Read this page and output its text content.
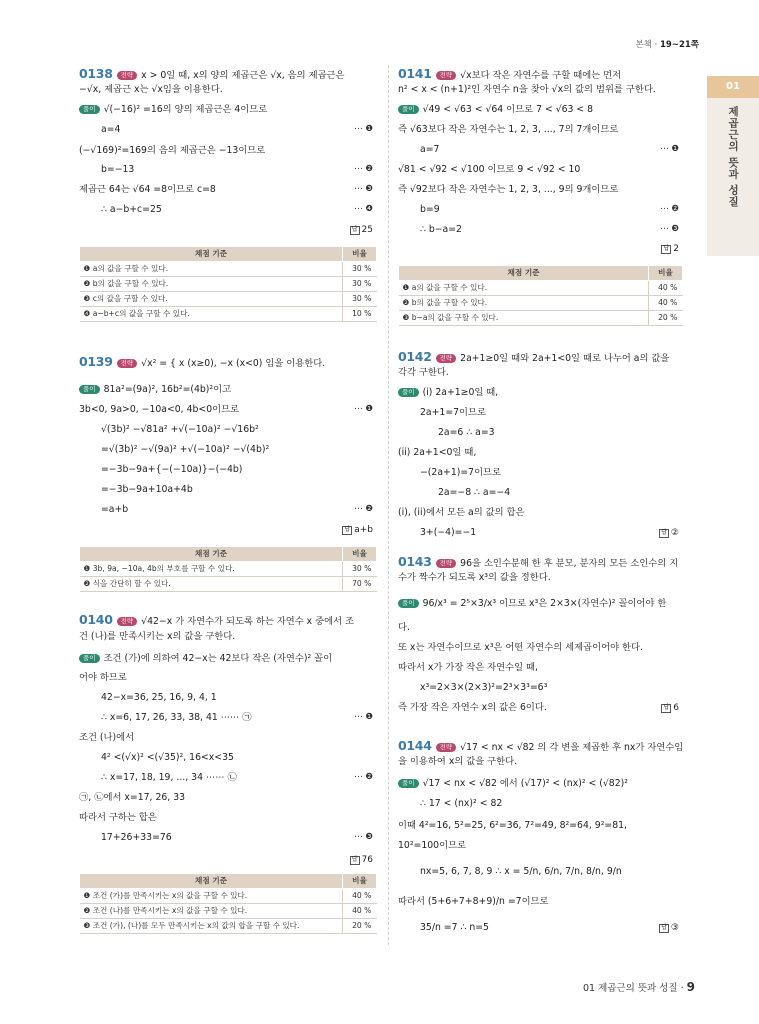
본책 · 19~21쪽
01
제곱근의 뜻과 성질
0138 전략 x > 0일 때, x의 양의 제곱근은 √x, 음의 제곱근은
−√x, 제곱근 x는 √x임을 이용한다.
풀이 √(−16)² =16의 양의 제곱근은 4이므로
a=4	⋯ ❶
(−√169)²=169의 음의 제곱근은 −13이므로
b=−13	⋯ ❷
제곱근 64는 √64 =8이므로 c=8	⋯ ❸
∴ a−b+c=25	⋯ ❹
답 25
채점 기준	비율
❶ a의 값을 구할 수 있다.	30 %
❷ b의 값을 구할 수 있다.	30 %
❸ c의 값을 구할 수 있다.	30 %
❹ a−b+c의 값을 구할 수 있다.	10 %
0139 전략 √x² = { x (x≥0), −x (x<0) 임을 이용한다.
풀이 81a²=(9a)², 16b²=(4b)²이고
3b<0, 9a>0, −10a<0, 4b<0이므로	⋯ ❶
√(3b)² −√81a² +√(−10a)² −√16b²
=√(3b)² −√(9a)² +√(−10a)² −√(4b)²
=−3b−9a+{−(−10a)}−(−4b)
=−3b−9a+10a+4b
=a+b	⋯ ❷
답 a+b
채점 기준	비율
❶ 3b, 9a, −10a, 4b의 부호를 구할 수 있다.	30 %
❷ 식을 간단히 할 수 있다.	70 %
0140 전략 √42−x 가 자연수가 되도록 하는 자연수 x 중에서 조
건 (나)를 만족시키는 x의 값을 구한다.
풀이 조건 (가)에 의하여 42−x는 42보다 작은 (자연수)² 꼴이
어야 하므로
42−x=36, 25, 16, 9, 4, 1
∴ x=6, 17, 26, 33, 38, 41 ⋯⋯ ㉠	⋯ ❶
조건 (나)에서
4² <(√x)² <(√35)², 16<x<35
∴ x=17, 18, 19, ..., 34 ⋯⋯ ㉡	⋯ ❷
㉠, ㉡에서 x=17, 26, 33
따라서 구하는 합은
17+26+33=76	⋯ ❸
답 76
채점 기준	비율
❶ 조건 (가)를 만족시키는 x의 값을 구할 수 있다.	40 %
❷ 조건 (나)를 만족시키는 x의 값을 구할 수 있다.	40 %
❸ 조건 (가), (나)를 모두 만족시키는 x의 값의 합을 구할 수 있다.	20 %
0141 전략 √x보다 작은 자연수를 구할 때에는 먼저
n² < x < (n+1)²인 자연수 n을 찾아 √x의 값의 범위를 구한다.
풀이 √49 < √63 < √64 이므로 7 < √63 < 8
즉 √63보다 작은 자연수는 1, 2, 3, ..., 7의 7개이므로
a=7	⋯ ❶
√81 < √92 < √100 이므로 9 < √92 < 10
즉 √92보다 작은 자연수는 1, 2, 3, ..., 9의 9개이므로
b=9	⋯ ❷
∴ b−a=2	⋯ ❸
답 2
채점 기준	비율
❶ a의 값을 구할 수 있다.	40 %
❷ b의 값을 구할 수 있다.	40 %
❸ b−a의 값을 구할 수 있다.	20 %
0142 전략 2a+1≥0일 때와 2a+1<0일 때로 나누어 a의 값을
각각 구한다.
풀이 (i) 2a+1≥0일 때,
2a+1=7이므로
2a=6 ∴ a=3
(ii) 2a+1<0일 때,
−(2a+1)=7이므로
2a=−8 ∴ a=−4
(i), (ii)에서 모든 a의 값의 합은
3+(−4)=−1	답 ②
0143 전략 96을 소인수분해 한 후 분모, 분자의 모든 소인수의 지
수가 짝수가 되도록 x³의 값을 정한다.
풀이 96/x³ = 2⁵×3/x³ 이므로 x³은 2×3×(자연수)² 꼴이어야 한
다.
또 x는 자연수이므로 x³은 어떤 자연수의 세제곱이어야 한다.
따라서 x가 가장 작은 자연수일 때,
x³=2×3×(2×3)²=2³×3³=6³
즉 가장 작은 자연수 x의 값은 6이다.	답 6
0144 전략 √17 < nx < √82 의 각 변을 제곱한 후 nx가 자연수임
을 이용하여 x의 값을 구한다.
풀이 √17 < nx < √82 에서 (√17)² < (nx)² < (√82)²
∴ 17 < (nx)² < 82
이때 4²=16, 5²=25, 6²=36, 7²=49, 8²=64, 9²=81,
10²=100이므로
nx=5, 6, 7, 8, 9 ∴ x = 5/n, 6/n, 7/n, 8/n, 9/n
따라서 (5+6+7+8+9)/n =7이므로
35/n =7 ∴ n=5	답 ③
01 제곱근의 뜻과 성질 · 9
